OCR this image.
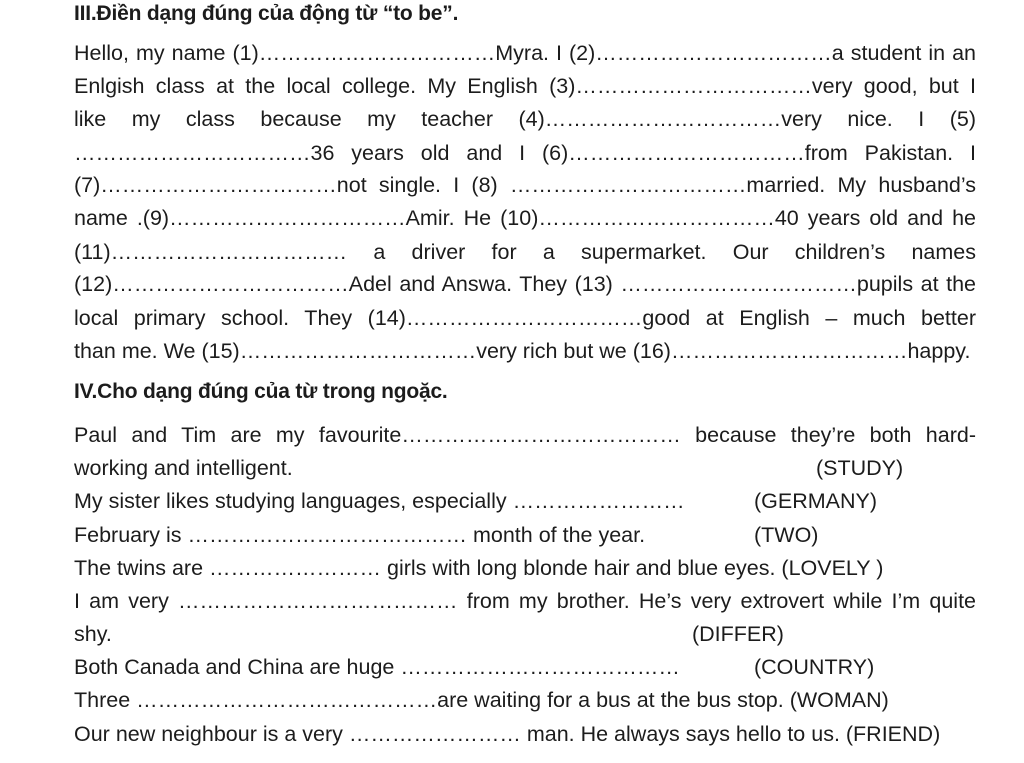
III.Điền dạng đúng của động từ “to be”.
Hello, my name (1)……………………………Myra. I (2)……………………………a student in an
Enlgish class at the local college. My English (3)……………………………very good, but I
like my class because my teacher (4)……………………………very nice. I (5)
……………………………36 years old and I (6)……………………………from Pakistan. I
(7)……………………………not single. I (8) ……………………………married. My husband’s
name .(9)……………………………Amir. He (10)……………………………40 years old and he
(11)…………………………… a driver for a supermarket. Our children’s names
(12)……………………………Adel and Answa. They (13) ……………………………pupils at the
local primary school. They (14)……………………………good at English – much better
than me. We (15)……………………………very rich but we (16)……………………………happy.
IV.Cho dạng đúng của từ trong ngoặc.
Paul and Tim are my favourite………………………………… because they’re both hard-
working and intelligent.	(STUDY)
My sister likes studying languages, especially ……………………	(GERMANY)
February is ………………………………… month of the year.	(TWO)
The twins are …………………… girls with long blonde hair and blue eyes. (LOVELY )
I am very ………………………………… from my brother. He’s very extrovert while I’m quite
shy.	(DIFFER)
Both Canada and China are huge …………………………………	(COUNTRY)
Three ……………………………………are waiting for a bus at the bus stop. (WOMAN)
Our new neighbour is a very …………………… man. He always says hello to us. (FRIEND)
